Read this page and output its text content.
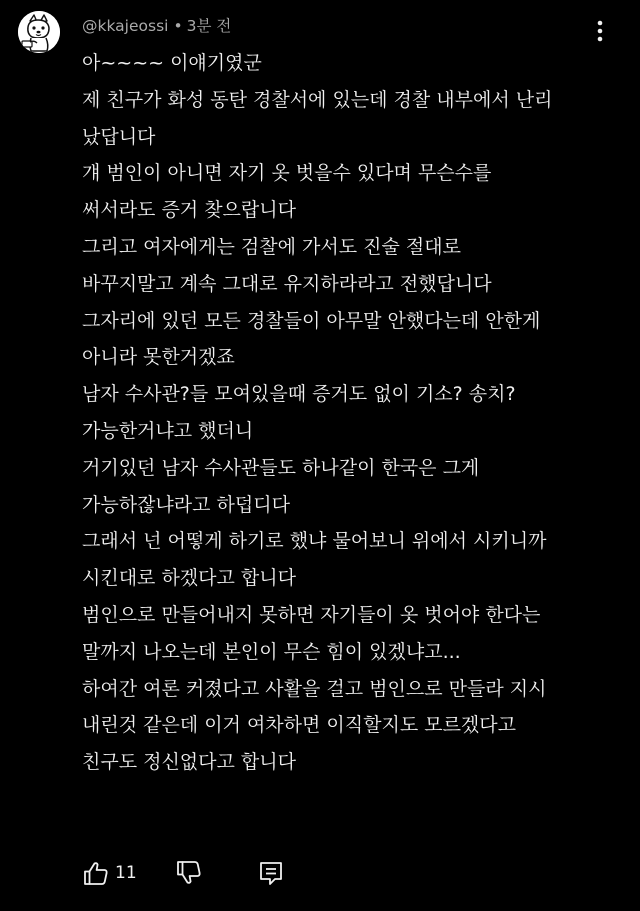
@kkajeossi • 3분 전
아~~~~ 이얘기였군
제 친구가 화성 동탄 경찰서에 있는데 경찰 내부에서 난리
났답니다
걔 범인이 아니면 자기 옷 벗을수 있다며 무슨수를
써서라도 증거 찾으랍니다
그리고 여자에게는 검찰에 가서도 진술 절대로
바꾸지말고 계속 그대로 유지하라라고 전했답니다
그자리에 있던 모든 경찰들이 아무말 안했다는데 안한게
아니라 못한거겠죠
남자 수사관?들 모여있을때 증거도 없이 기소? 송치?
가능한거냐고 했더니
거기있던 남자 수사관들도 하나같이 한국은 그게
가능하잖냐라고 하덥디다
그래서 넌 어떻게 하기로 했냐 물어보니 위에서 시키니까
시킨대로 하겠다고 합니다
범인으로 만들어내지 못하면 자기들이 옷 벗어야 한다는
말까지 나오는데 본인이 무슨 힘이 있겠냐고...
하여간 여론 커졌다고 사활을 걸고 범인으로 만들라 지시
내린것 같은데 이거 여차하면 이직할지도 모르겠다고
친구도 정신없다고 합니다
11
